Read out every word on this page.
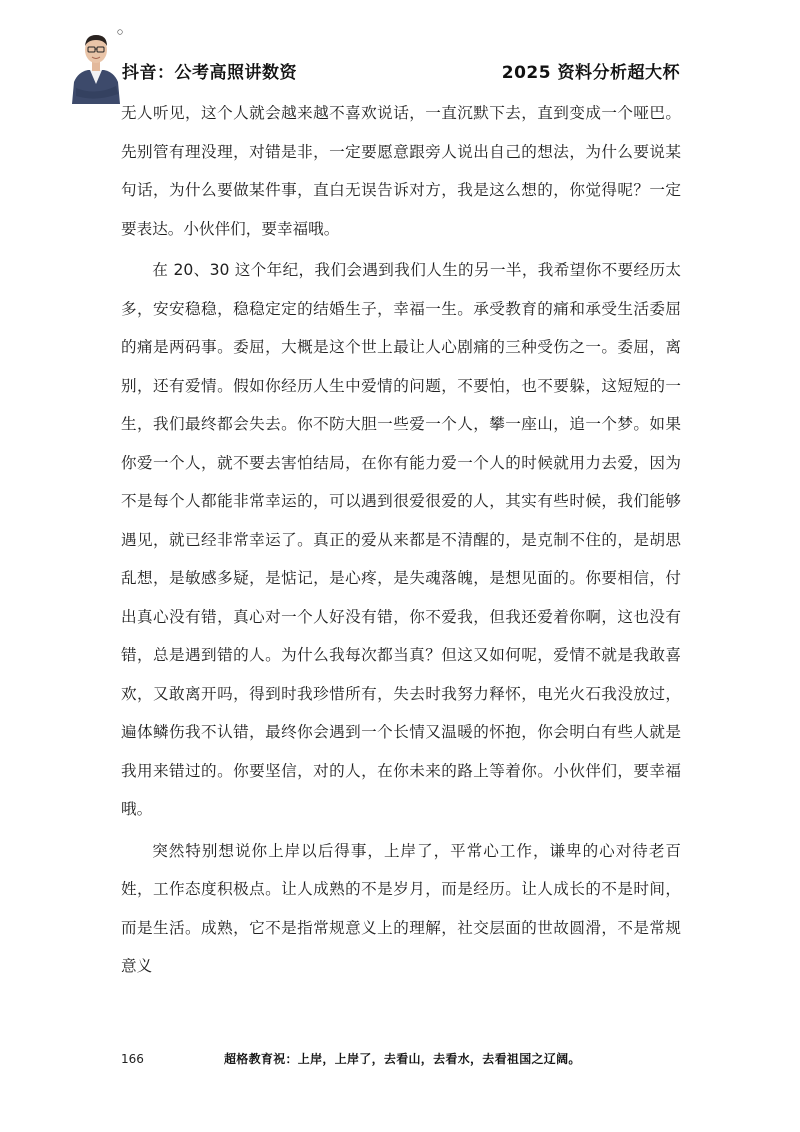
抖音：公考高照讲数资	2025 资料分析超大杯

无人听见，这个人就会越来越不喜欢说话，一直沉默下去，直到变成一个哑巴。先别管有理没理，对错是非，一定要愿意跟旁人说出自己的想法，为什么要说某句话，为什么要做某件事，直白无误告诉对方，我是这么想的，你觉得呢？一定要表达。小伙伴们，要幸福哦。

在 20、30 这个年纪，我们会遇到我们人生的另一半，我希望你不要经历太多，安安稳稳，稳稳定定的结婚生子，幸福一生。承受教育的痛和承受生活委屈的痛是两码事。委屈，大概是这个世上最让人心剧痛的三种受伤之一。委屈，离别，还有爱情。假如你经历人生中爱情的问题，不要怕，也不要躲，这短短的一生，我们最终都会失去。你不防大胆一些爱一个人，攀一座山，追一个梦。如果你爱一个人，就不要去害怕结局，在你有能力爱一个人的时候就用力去爱，因为不是每个人都能非常幸运的，可以遇到很爱很爱的人，其实有些时候，我们能够遇见，就已经非常幸运了。真正的爱从来都是不清醒的，是克制不住的，是胡思乱想，是敏感多疑，是惦记，是心疼，是失魂落魄，是想见面的。你要相信，付出真心没有错，真心对一个人好没有错，你不爱我，但我还爱着你啊，这也没有错，总是遇到错的人。为什么我每次都当真？但这又如何呢，爱情不就是我敢喜欢，又敢离开吗，得到时我珍惜所有，失去时我努力释怀，电光火石我没放过，遍体鳞伤我不认错，最终你会遇到一个长情又温暖的怀抱，你会明白有些人就是我用来错过的。你要坚信，对的人，在你未来的路上等着你。小伙伴们，要幸福哦。

突然特别想说你上岸以后得事，上岸了，平常心工作，谦卑的心对待老百姓，工作态度积极点。让人成熟的不是岁月，而是经历。让人成长的不是时间，而是生活。成熟，它不是指常规意义上的理解，社交层面的世故圆滑，不是常规意义

166	超格教育祝：上岸，上岸了，去看山，去看水，去看祖国之辽阔。
